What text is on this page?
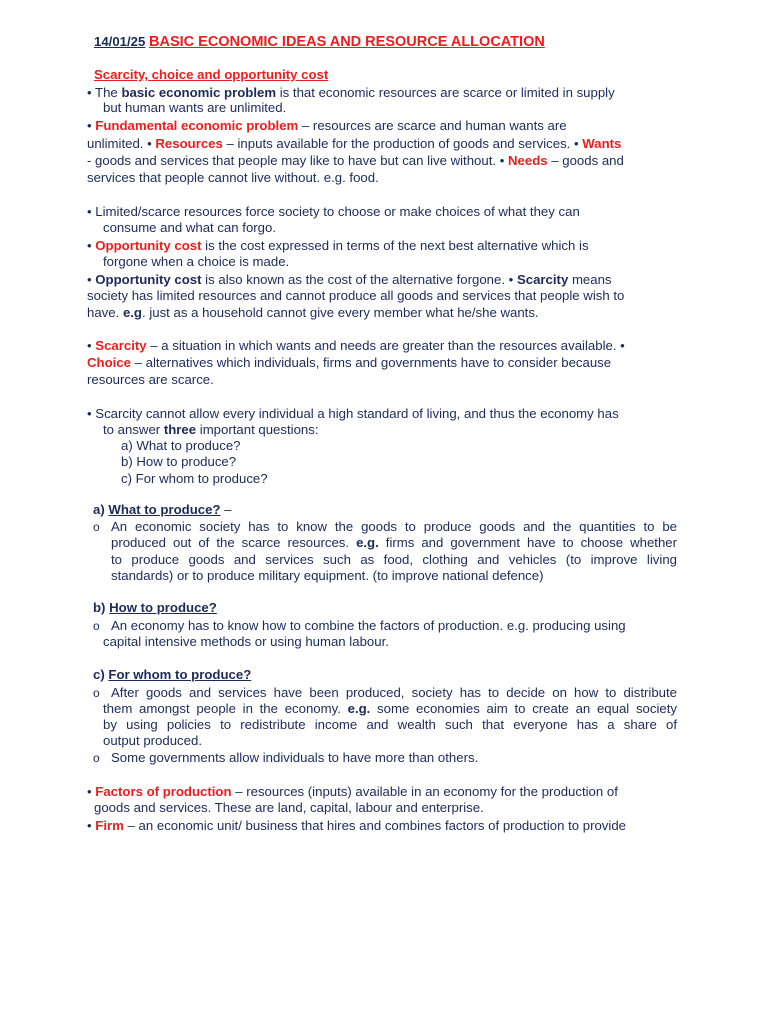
14/01/25 BASIC ECONOMIC IDEAS AND RESOURCE ALLOCATION
Scarcity, choice and opportunity cost
• The basic economic problem is that economic resources are scarce or limited in supply
but human wants are unlimited.
• Fundamental economic problem – resources are scarce and human wants are
unlimited. • Resources – inputs available for the production of goods and services. • Wants
- goods and services that people may like to have but can live without. • Needs – goods and
services that people cannot live without. e.g. food.
• Limited/scarce resources force society to choose or make choices of what they can
consume and what can forgo.
• Opportunity cost is the cost expressed in terms of the next best alternative which is
forgone when a choice is made.
• Opportunity cost is also known as the cost of the alternative forgone. • Scarcity means
society has limited resources and cannot produce all goods and services that people wish to
have. e.g. just as a household cannot give every member what he/she wants.
• Scarcity – a situation in which wants and needs are greater than the resources available. •
Choice – alternatives which individuals, firms and governments have to consider because
resources are scarce.
• Scarcity cannot allow every individual a high standard of living, and thus the economy has
to answer three important questions:
a) What to produce?
b) How to produce?
c) For whom to produce?
a) What to produce? –
o An economic society has to know the goods to produce goods and the quantities to be
produced out of the scarce resources. e.g. firms and government have to choose whether
to produce goods and services such as food, clothing and vehicles (to improve living
standards) or to produce military equipment. (to improve national defence)
b) How to produce?
o An economy has to know how to combine the factors of production. e.g. producing using
capital intensive methods or using human labour.
c) For whom to produce?
o After goods and services have been produced, society has to decide on how to distribute
them amongst people in the economy. e.g. some economies aim to create an equal society
by using policies to redistribute income and wealth such that everyone has a share of
output produced.
o Some governments allow individuals to have more than others.
• Factors of production – resources (inputs) available in an economy for the production of
goods and services. These are land, capital, labour and enterprise.
• Firm – an economic unit/ business that hires and combines factors of production to provide
